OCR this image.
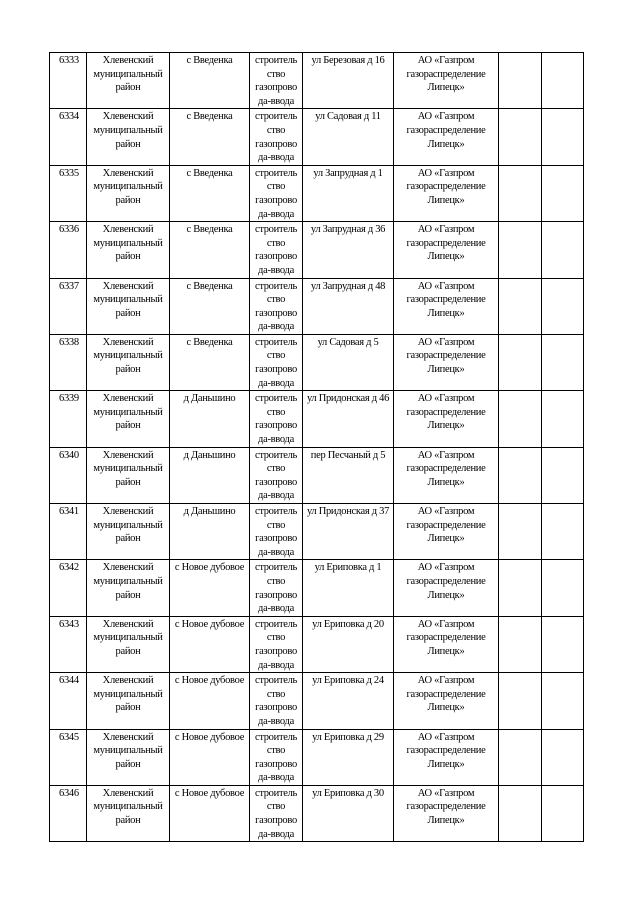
6333	Хлевенский муниципальный район	с Введенка	строитель ство газопрово да-ввода	ул Березовая д 16	АО «Газпром газораспределение Липецк»		
6334	Хлевенский муниципальный район	с Введенка	строитель ство газопрово да-ввода	ул Садовая д 11	АО «Газпром газораспределение Липецк»		
6335	Хлевенский муниципальный район	с Введенка	строитель ство газопрово да-ввода	ул Запрудная д 1	АО «Газпром газораспределение Липецк»		
6336	Хлевенский муниципальный район	с Введенка	строитель ство газопрово да-ввода	ул Запрудная д 36	АО «Газпром газораспределение Липецк»		
6337	Хлевенский муниципальный район	с Введенка	строитель ство газопрово да-ввода	ул Запрудная д 48	АО «Газпром газораспределение Липецк»		
6338	Хлевенский муниципальный район	с Введенка	строитель ство газопрово да-ввода	ул Садовая д 5	АО «Газпром газораспределение Липецк»		
6339	Хлевенский муниципальный район	д Даньшино	строитель ство газопрово да-ввода	ул Придонская д 46	АО «Газпром газораспределение Липецк»		
6340	Хлевенский муниципальный район	д Даньшино	строитель ство газопрово да-ввода	пер Песчаный д 5	АО «Газпром газораспределение Липецк»		
6341	Хлевенский муниципальный район	д Даньшино	строитель ство газопрово да-ввода	ул Придонская д 37	АО «Газпром газораспределение Липецк»		
6342	Хлевенский муниципальный район	с Новое дубовое	строитель ство газопрово да-ввода	ул Ериповка д 1	АО «Газпром газораспределение Липецк»		
6343	Хлевенский муниципальный район	с Новое дубовое	строитель ство газопрово да-ввода	ул Ериповка д 20	АО «Газпром газораспределение Липецк»		
6344	Хлевенский муниципальный район	с Новое дубовое	строитель ство газопрово да-ввода	ул Ериповка д 24	АО «Газпром газораспределение Липецк»		
6345	Хлевенский муниципальный район	с Новое дубовое	строитель ство газопрово да-ввода	ул Ериповка д 29	АО «Газпром газораспределение Липецк»		
6346	Хлевенский муниципальный район	с Новое дубовое	строитель ство газопрово да-ввода	ул Ериповка д 30	АО «Газпром газораспределение Липецк»		
